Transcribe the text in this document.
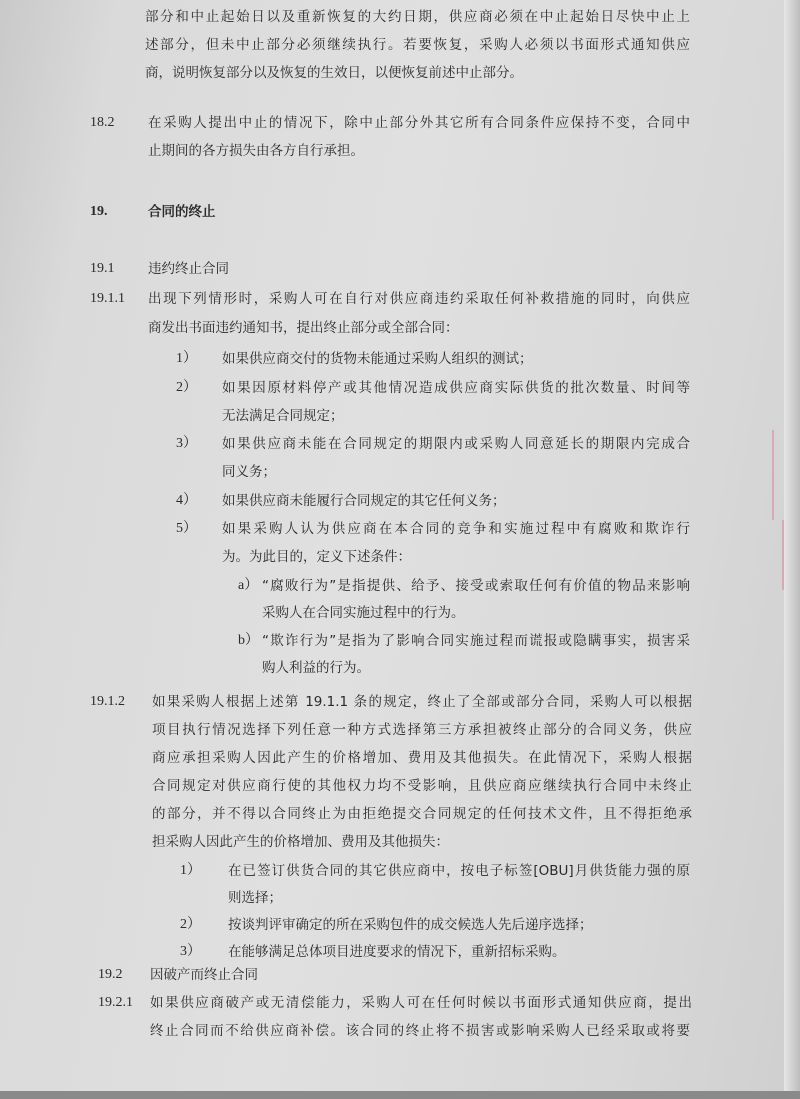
部分和中止起始日以及重新恢复的大约日期，供应商必须在中止起始日尽快中止上
述部分，但未中止部分必须继续执行。若要恢复，采购人必须以书面形式通知供应
商，说明恢复部分以及恢复的生效日，以便恢复前述中止部分。
18.2 在采购人提出中止的情况下，除中止部分外其它所有合同条件应保持不变，合同中
止期间的各方损失由各方自行承担。
19.	合同的终止
19.1 违约终止合同
19.1.1 出现下列情形时，采购人可在自行对供应商违约采取任何补救措施的同时，向供应
商发出书面违约通知书，提出终止部分或全部合同：
1） 如果供应商交付的货物未能通过采购人组织的测试；
2） 如果因原材料停产或其他情况造成供应商实际供货的批次数量、时间等
无法满足合同规定；
3） 如果供应商未能在合同规定的期限内或采购人同意延长的期限内完成合
同义务；
4） 如果供应商未能履行合同规定的其它任何义务；
5） 如果采购人认为供应商在本合同的竞争和实施过程中有腐败和欺诈行
为。为此目的，定义下述条件：
a） “腐败行为”是指提供、给予、接受或索取任何有价值的物品来影响
采购人在合同实施过程中的行为。
b） “欺诈行为”是指为了影响合同实施过程而谎报或隐瞒事实，损害采
购人利益的行为。
19.1.2 如果采购人根据上述第 19.1.1 条的规定，终止了全部或部分合同，采购人可以根据
项目执行情况选择下列任意一种方式选择第三方承担被终止部分的合同义务，供应
商应承担采购人因此产生的价格增加、费用及其他损失。在此情况下，采购人根据
合同规定对供应商行使的其他权力均不受影响，且供应商应继续执行合同中未终止
的部分，并不得以合同终止为由拒绝提交合同规定的任何技术文件，且不得拒绝承
担采购人因此产生的价格增加、费用及其他损失：
1） 在已签订供货合同的其它供应商中，按电子标签[OBU]月供货能力强的原
则选择；
2） 按谈判评审确定的所在采购包件的成交候选人先后递序选择；
3） 在能够满足总体项目进度要求的情况下，重新招标采购。
19.2 因破产而终止合同
19.2.1 如果供应商破产或无清偿能力，采购人可在任何时候以书面形式通知供应商，提出
终止合同而不给供应商补偿。该合同的终止将不损害或影响采购人已经采取或将要
